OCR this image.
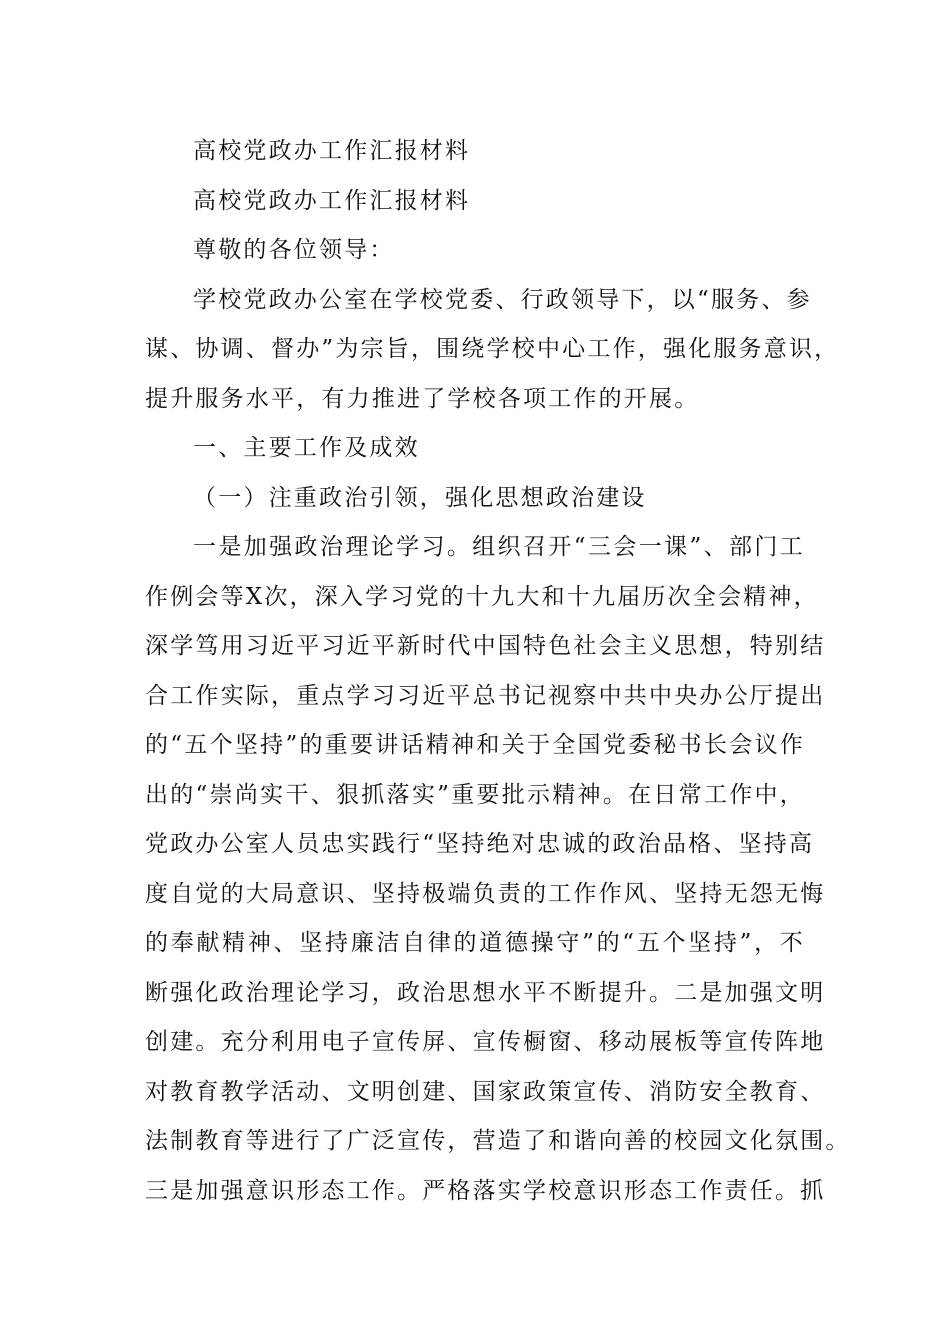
高校党政办工作汇报材料
高校党政办工作汇报材料
尊敬的各位领导：
学校党政办公室在学校党委、行政领导下，以“服务、参
谋、协调、督办”为宗旨，围绕学校中心工作，强化服务意识，
提升服务水平，有力推进了学校各项工作的开展。
一、主要工作及成效
（一）注重政治引领，强化思想政治建设
一是加强政治理论学习。组织召开“三会一课”、部门工
作例会等X次，深入学习党的十九大和十九届历次全会精神，
深学笃用习近平习近平新时代中国特色社会主义思想，特别结
合工作实际，重点学习习近平总书记视察中共中央办公厅提出
的“五个坚持”的重要讲话精神和关于全国党委秘书长会议作
出的“崇尚实干、狠抓落实”重要批示精神。在日常工作中，
党政办公室人员忠实践行“坚持绝对忠诚的政治品格、坚持高
度自觉的大局意识、坚持极端负责的工作作风、坚持无怨无悔
的奉献精神、坚持廉洁自律的道德操守”的“五个坚持”，不
断强化政治理论学习，政治思想水平不断提升。二是加强文明
创建。充分利用电子宣传屏、宣传橱窗、移动展板等宣传阵地
对教育教学活动、文明创建、国家政策宣传、消防安全教育、
法制教育等进行了广泛宣传，营造了和谐向善的校园文化氛围。
三是加强意识形态工作。严格落实学校意识形态工作责任。抓
